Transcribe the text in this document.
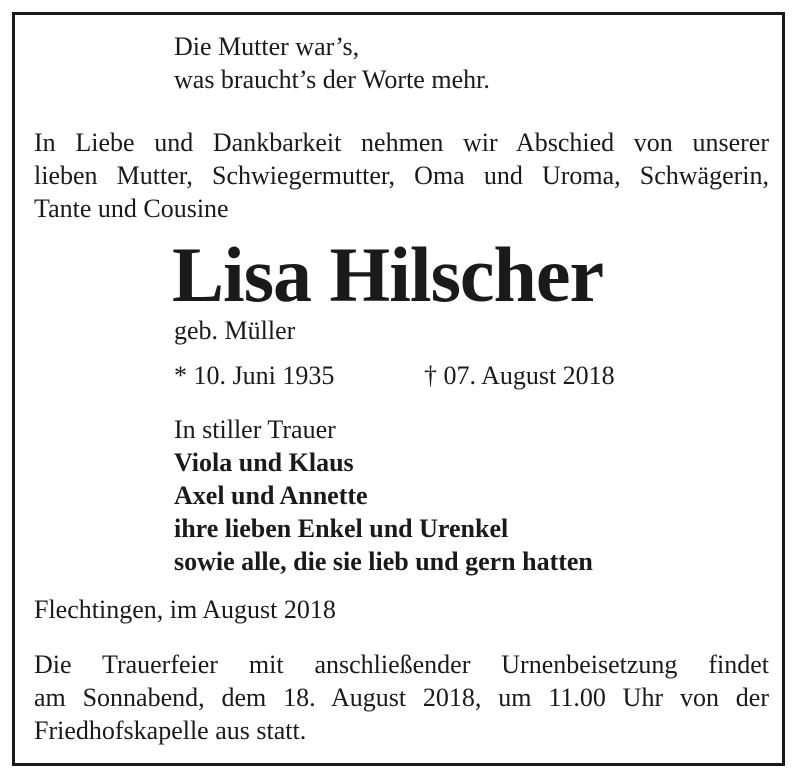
Die Mutter war’s,
was braucht’s der Worte mehr.
In Liebe und Dankbarkeit nehmen wir Abschied von unserer
lieben Mutter, Schwiegermutter, Oma und Uroma, Schwägerin,
Tante und Cousine
Lisa Hilscher
geb. Müller
* 10. Juni 1935	† 07. August 2018
In stiller Trauer
Viola und Klaus
Axel und Annette
ihre lieben Enkel und Urenkel
sowie alle, die sie lieb und gern hatten
Flechtingen, im August 2018
Die Trauerfeier mit anschließender Urnenbeisetzung findet
am Sonnabend, dem 18. August 2018, um 11.00 Uhr von der
Friedhofskapelle aus statt.
